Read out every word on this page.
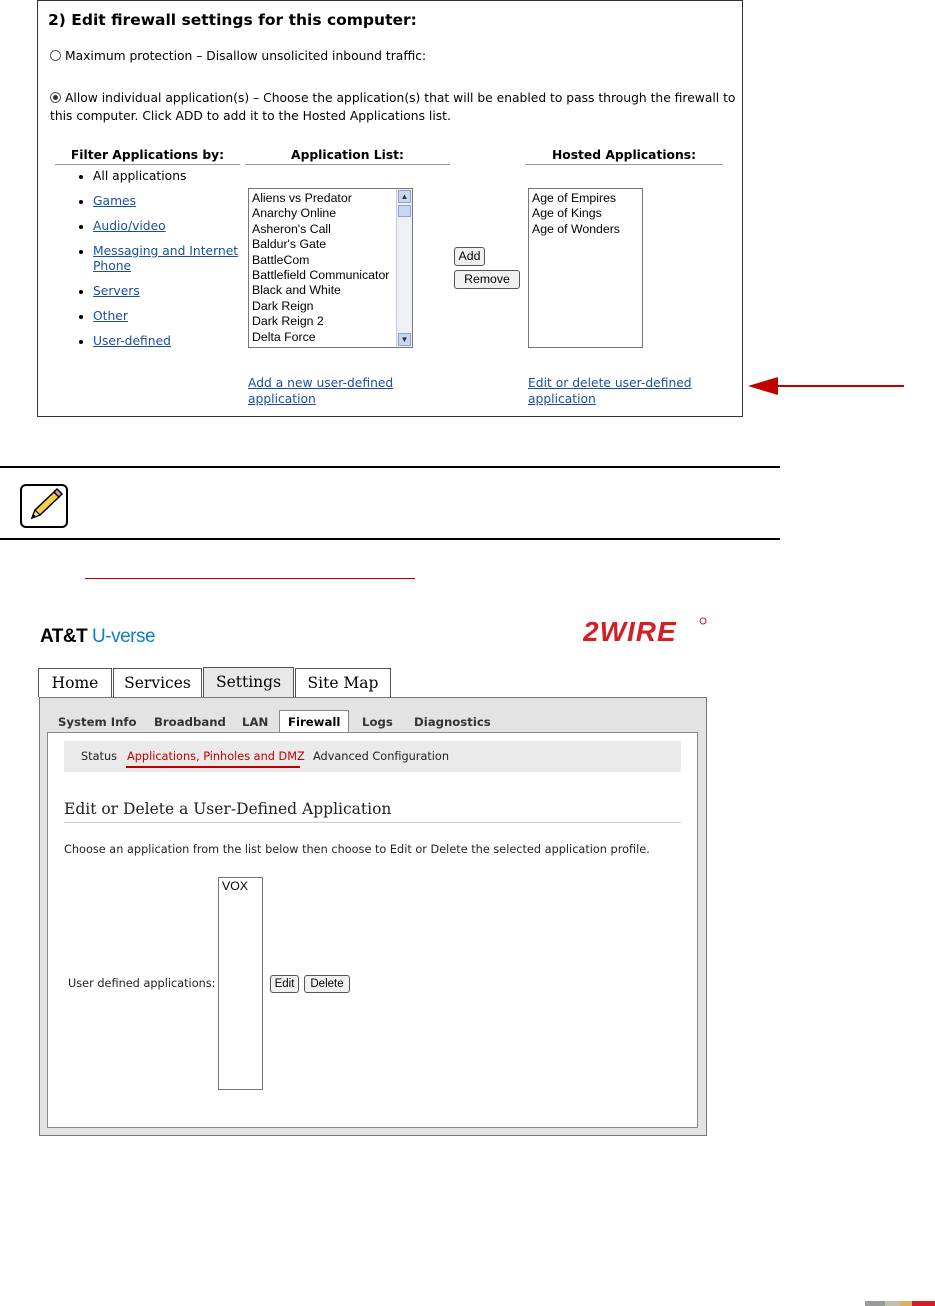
2) Edit firewall settings for this computer:
Maximum protection – Disallow unsolicited inbound traffic:
Allow individual application(s) – Choose the application(s) that will be enabled to pass through the firewall to
this computer. Click ADD to add it to the Hosted Applications list.
Filter Applications by:	Application List:	Hosted Applications:
All applications
Games
Audio/video
Messaging and Internet
Phone
Servers
Other
User-defined
Aliens vs Predator
Anarchy Online
Asheron's Call
Baldur's Gate
BattleCom
Battlefield Communicator
Black and White
Dark Reign
Dark Reign 2
Delta Force
▲
▼
Add
Remove
Age of Empires
Age of Kings
Age of Wonders
Add a new user-defined
application
Edit or delete user-defined
application
AT&T U-verse	2WIRE
Home	Services	Settings	Site Map
System Info Broadband LAN	Firewall	Logs Diagnostics
Status Applications, Pinholes and DMZ Advanced Configuration
Edit or Delete a User-Defined Application
Choose an application from the list below then choose to Edit or Delete the selected application profile.
User defined applications:
VOX
Edit	Delete
